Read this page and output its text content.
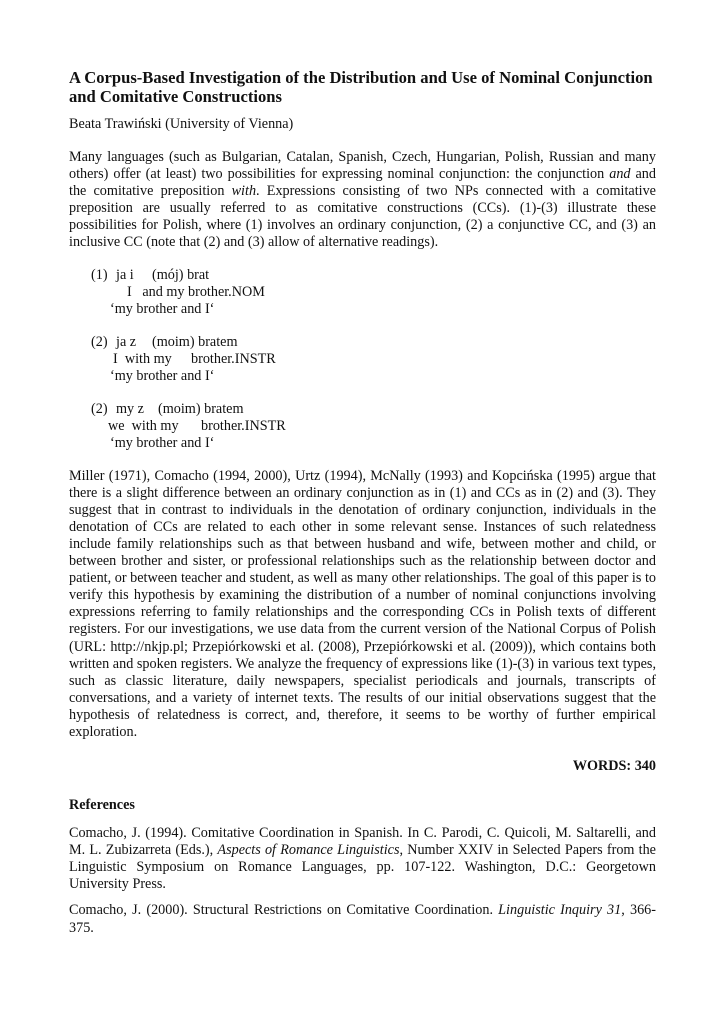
A Corpus-Based Investigation of the Distribution and Use of Nominal Conjunction and Comitative Constructions
Beata Trawiński (University of Vienna)

Many languages (such as Bulgarian, Catalan, Spanish, Czech, Hungarian, Polish, Russian and many others) offer (at least) two possibilities for expressing nominal conjunction: the conjunction and and the comitative preposition with. Expressions consisting of two NPs connected with a comitative preposition are usually referred to as comitative constructions (CCs). (1)-(3) illustrate these possibilities for Polish, where (1) involves an ordinary conjunction, (2) a conjunctive CC, and (3) an inclusive CC (note that (2) and (3) allow of alternative readings).

(1) ja i (mój) brat
I   and my brother.NOM
‘my brother and I‘
(2) ja z (moim) bratem
I  with my brother.INSTR
‘my brother and I‘
(2) my z (moim) bratem
we  with my brother.INSTR
‘my brother and I‘

Miller (1971), Comacho (1994, 2000), Urtz (1994), McNally (1993) and Kopcińska (1995) argue that there is a slight difference between an ordinary conjunction as in (1) and CCs as in (2) and (3). They suggest that in contrast to individuals in the denotation of ordinary conjunction, individuals in the denotation of CCs are related to each other in some relevant sense. Instances of such relatedness include family relationships such as that between husband and wife, between mother and child, or between brother and sister, or professional relationships such as the relationship between doctor and patient, or between teacher and student, as well as many other relationships. The goal of this paper is to verify this hypothesis by examining the distribution of a number of nominal conjunctions involving expressions referring to family relationships and the corresponding CCs in Polish texts of different registers. For our investigations, we use data from the current version of the National Corpus of Polish (URL: http://nkjp.pl; Przepiórkowski et al. (2008), Przepiórkowski et al. (2009)), which contains both written and spoken registers. We analyze the frequency of expressions like (1)-(3) in various text types, such as classic literature, daily newspapers, specialist periodicals and journals, transcripts of conversations, and a variety of internet texts. The results of our initial observations suggest that the hypothesis of relatedness is correct, and, therefore, it seems to be worthy of further empirical exploration.

WORDS: 340
References

Comacho, J. (1994). Comitative Coordination in Spanish. In C. Parodi, C. Quicoli, M. Saltarelli, and M. L. Zubizarreta (Eds.), Aspects of Romance Linguistics, Number XXIV in Selected Papers from the Linguistic Symposium on Romance Languages, pp. 107-122. Washington, D.C.: Georgetown University Press.

Comacho, J. (2000). Structural Restrictions on Comitative Coordination. Linguistic Inquiry 31, 366-375.
